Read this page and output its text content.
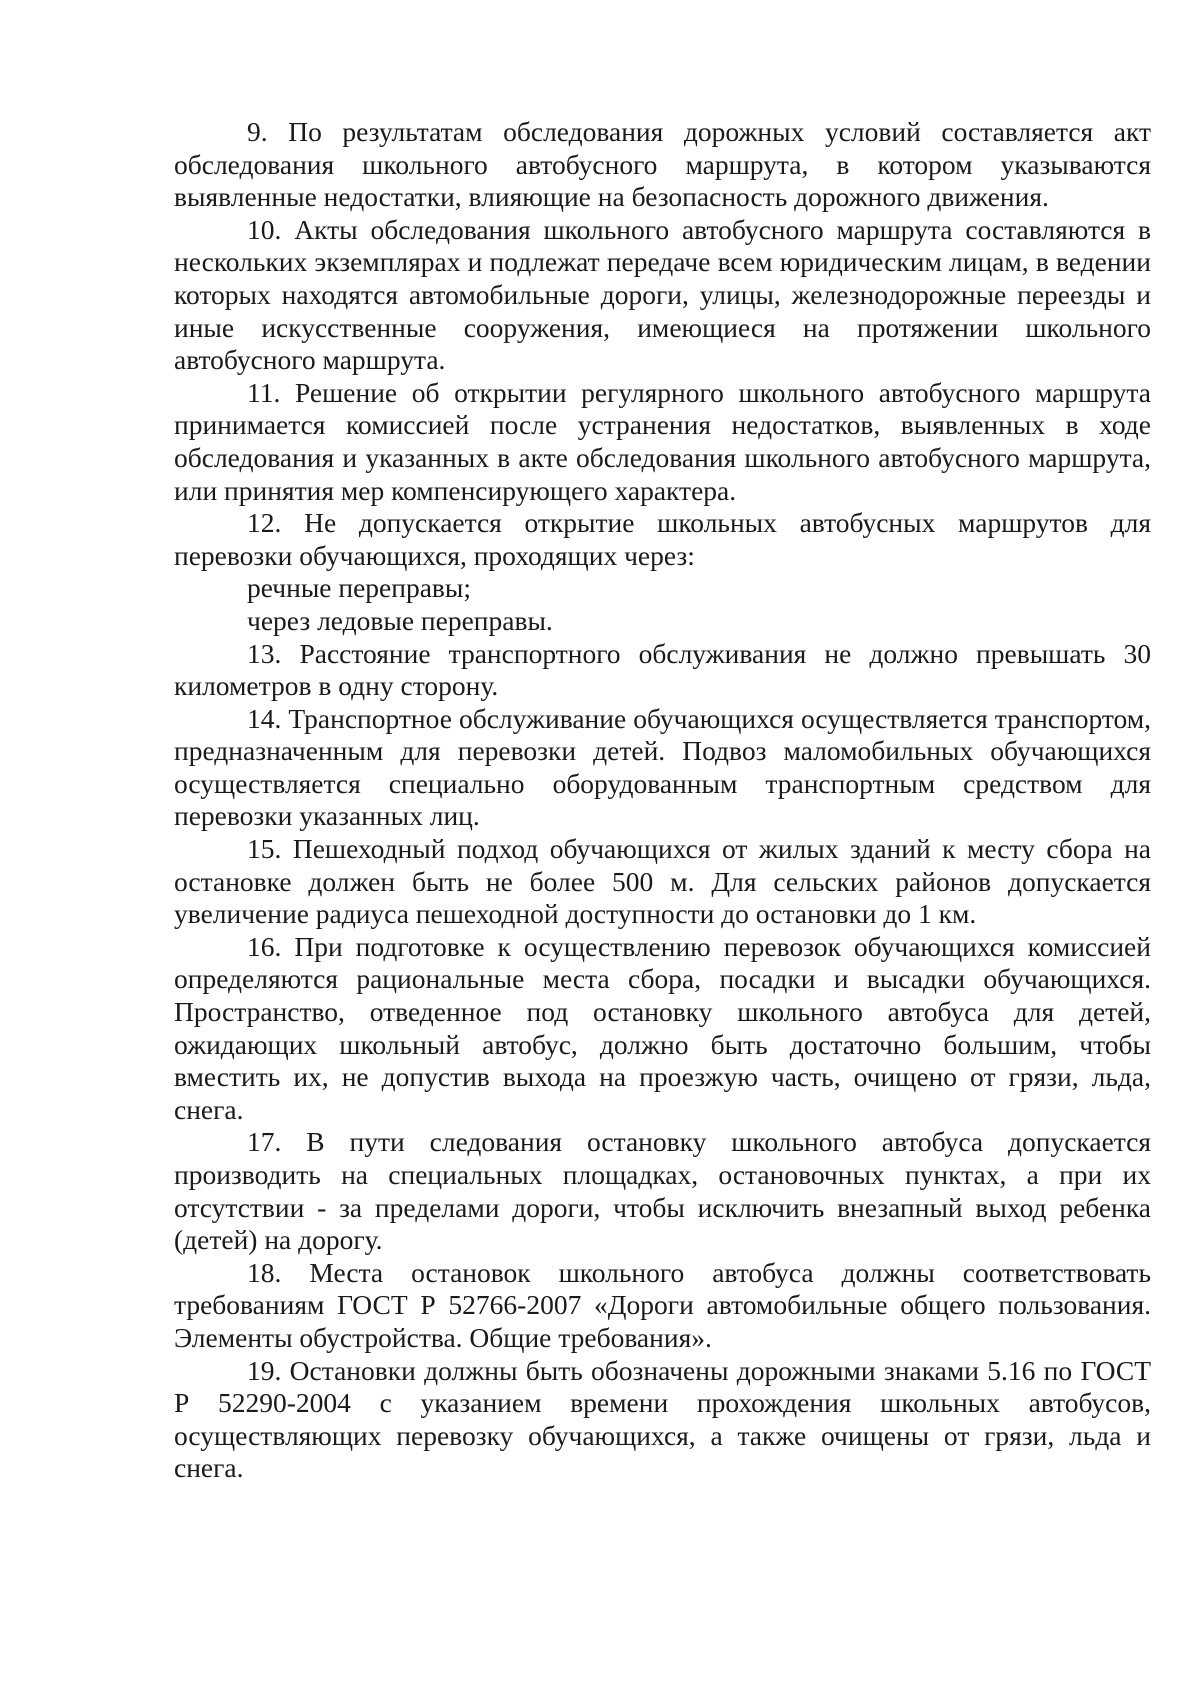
9. По результатам обследования дорожных условий составляется акт обследования школьного автобусного маршрута, в котором указываются выявленные недостатки, влияющие на безопасность дорожного движения.

10. Акты обследования школьного автобусного маршрута составляются в нескольких экземплярах и подлежат передаче всем юридическим лицам, в ведении которых находятся автомобильные дороги, улицы, железнодорожные переезды и иные искусственные сооружения, имеющиеся на протяжении школьного автобусного маршрута.

11. Решение об открытии регулярного школьного автобусного маршрута принимается комиссией после устранения недостатков, выявленных в ходе обследования и указанных в акте обследования школьного автобусного маршрута, или принятия мер компенсирующего характера.

12. Не допускается открытие школьных автобусных маршрутов для перевозки обучающихся, проходящих через:

речные переправы;

через ледовые переправы.

13. Расстояние транспортного обслуживания не должно превышать 30 километров в одну сторону.

14. Транспортное обслуживание обучающихся осуществляется транспортом, предназначенным для перевозки детей. Подвоз маломобильных обучающихся осуществляется специально оборудованным транспортным средством для перевозки указанных лиц.

15. Пешеходный подход обучающихся от жилых зданий к месту сбора на остановке должен быть не более 500 м. Для сельских районов допускается увеличение радиуса пешеходной доступности до остановки до 1 км.

16. При подготовке к осуществлению перевозок обучающихся комиссией определяются рациональные места сбора, посадки и высадки обучающихся. Пространство, отведенное под остановку школьного автобуса для детей, ожидающих школьный автобус, должно быть достаточно большим, чтобы вместить их, не допустив выхода на проезжую часть, очищено от грязи, льда, снега.

17. В пути следования остановку школьного автобуса допускается производить на специальных площадках, остановочных пунктах, а при их отсутствии - за пределами дороги, чтобы исключить внезапный выход ребенка (детей) на дорогу.

18. Места остановок школьного автобуса должны соответствовать требованиям ГОСТ Р 52766-2007 «Дороги автомобильные общего пользования. Элементы обустройства. Общие требования».

19. Остановки должны быть обозначены дорожными знаками 5.16 по ГОСТ Р 52290-2004 с указанием времени прохождения школьных автобусов, осуществляющих перевозку обучающихся, а также очищены от грязи, льда и снега.
